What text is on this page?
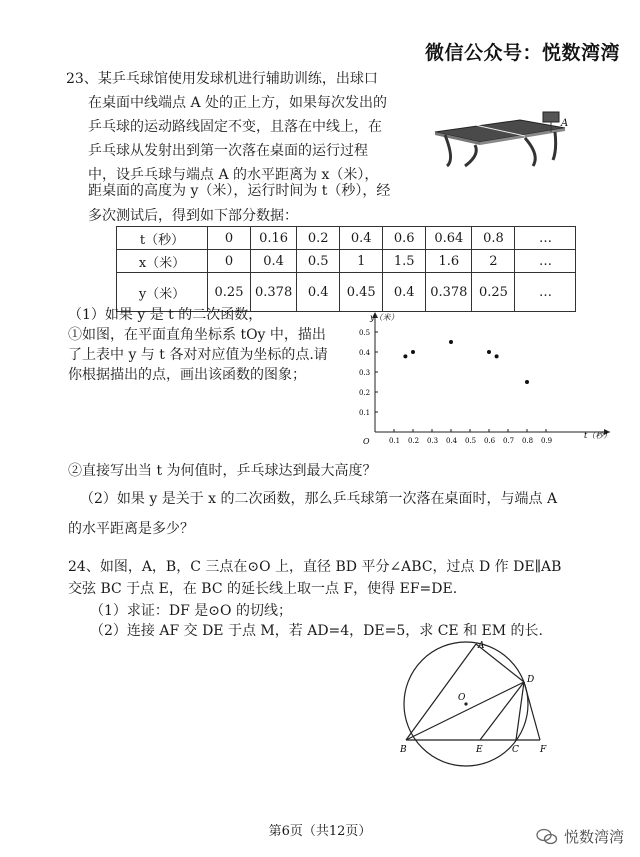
微信公众号：悦数湾湾
23、某乒乓球馆使用发球机进行辅助训练，出球口
在桌面中线端点 A 处的正上方，如果每次发出的
乒乓球的运动路线固定不变，且落在中线上，在
乒乓球从发射出到第一次落在桌面的运行过程
中，设乒乓球与端点 A 的水平距离为 x（米），
A
距桌面的高度为 y（米），运行时间为 t（秒），经
多次测试后，得到如下部分数据：
t（秒）	0	0.16	0.2	0.4	0.6	0.64	0.8	…
x（米）	0	0.4	0.5	1	1.5	1.6	2	…
y（米）	0.25	0.378	0.4	0.45	0.4	0.378	0.25	…
（1）如果 y 是 t 的二次函数，
①如图，在平面直角坐标系 tOy 中，描出
了上表中 y 与 t 各对对应值为坐标的点.请
你根据描出的点，画出该函数的图象；
0.5
0.4
0.3
0.2
0.1
0.1 0.2 0.3 0.4 0.5 0.6 0.7 0.8 0.9
O
y（米）
t（秒）
②直接写出当 t 为何值时，乒乓球达到最大高度？
（2）如果 y 是关于 x 的二次函数，那么乒乓球第一次落在桌面时，与端点 A
的水平距离是多少？
24、如图，A，B，C 三点在⊙O 上，直径 BD 平分∠ABC，过点 D 作 DE∥AB
交弦 BC 于点 E，在 BC 的延长线上取一点 F，使得 EF=DE.
（1）求证：DF 是⊙O 的切线；
（2）连接 AF 交 DE 于点 M，若 AD=4，DE=5，求 CE 和 EM 的长.
A
B	C
D
E	F
O
第6页（共12页）	悦数湾湾
